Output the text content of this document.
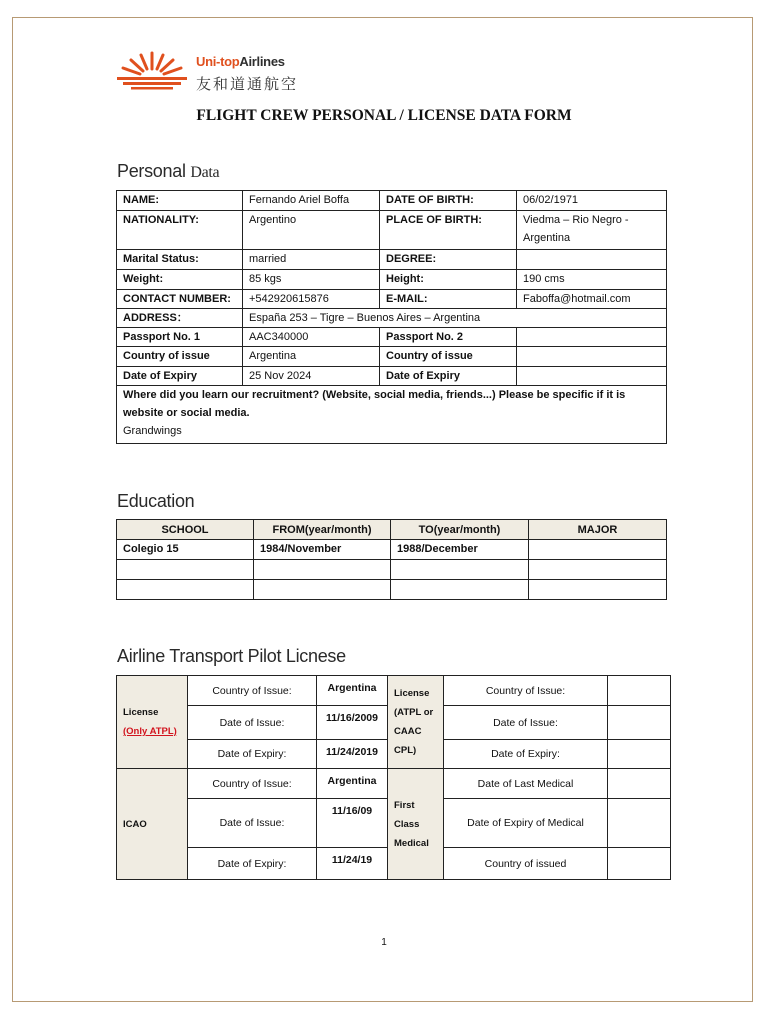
Uni-topAirlines
友和道通航空
FLIGHT CREW PERSONAL / LICENSE DATA FORM
Personal Data
NAME:	Fernando Ariel Boffa	DATE OF BIRTH:	06/02/1971
NATIONALITY:	Argentino	PLACE OF BIRTH:	Viedma – Rio Negro - Argentina
Marital Status:	married	DEGREE:	
Weight:	85 kgs	Height:	190 cms
CONTACT NUMBER:	+542920615876	E-MAIL:	Faboffa@hotmail.com
ADDRESS：	España 253 – Tigre – Buenos Aires – Argentina		
Passport No. 1	AAC340000	Passport No. 2	
Country of issue	Argentina	Country of issue	
Date of Expiry	25 Nov 2024	Date of Expiry	

Where did you learn our recruitment? (Website, social media, friends...) Please be specific if it is website or social media.
Grandwings			
Education
SCHOOL	FROM(year/month)	TO(year/month)	MAJOR
Colegio 15	1984/November	1988/December	

Airline Transport Pilot Licnese
License
(Only ATPL)	Country of Issue:	Argentina	License (ATPL or CAAC CPL)	Country of Issue:	
	Date of Issue:	11/16/2009		Date of Issue:	
	Date of Expiry:	11/24/2019		Date of Expiry:	
ICAO	Country of Issue:	Argentina	First Class Medical	Date of Last Medical	
	Date of Issue:	11/16/09		Date of Expiry of Medical	
	Date of Expiry:	11/24/19		Country of issued	
1
